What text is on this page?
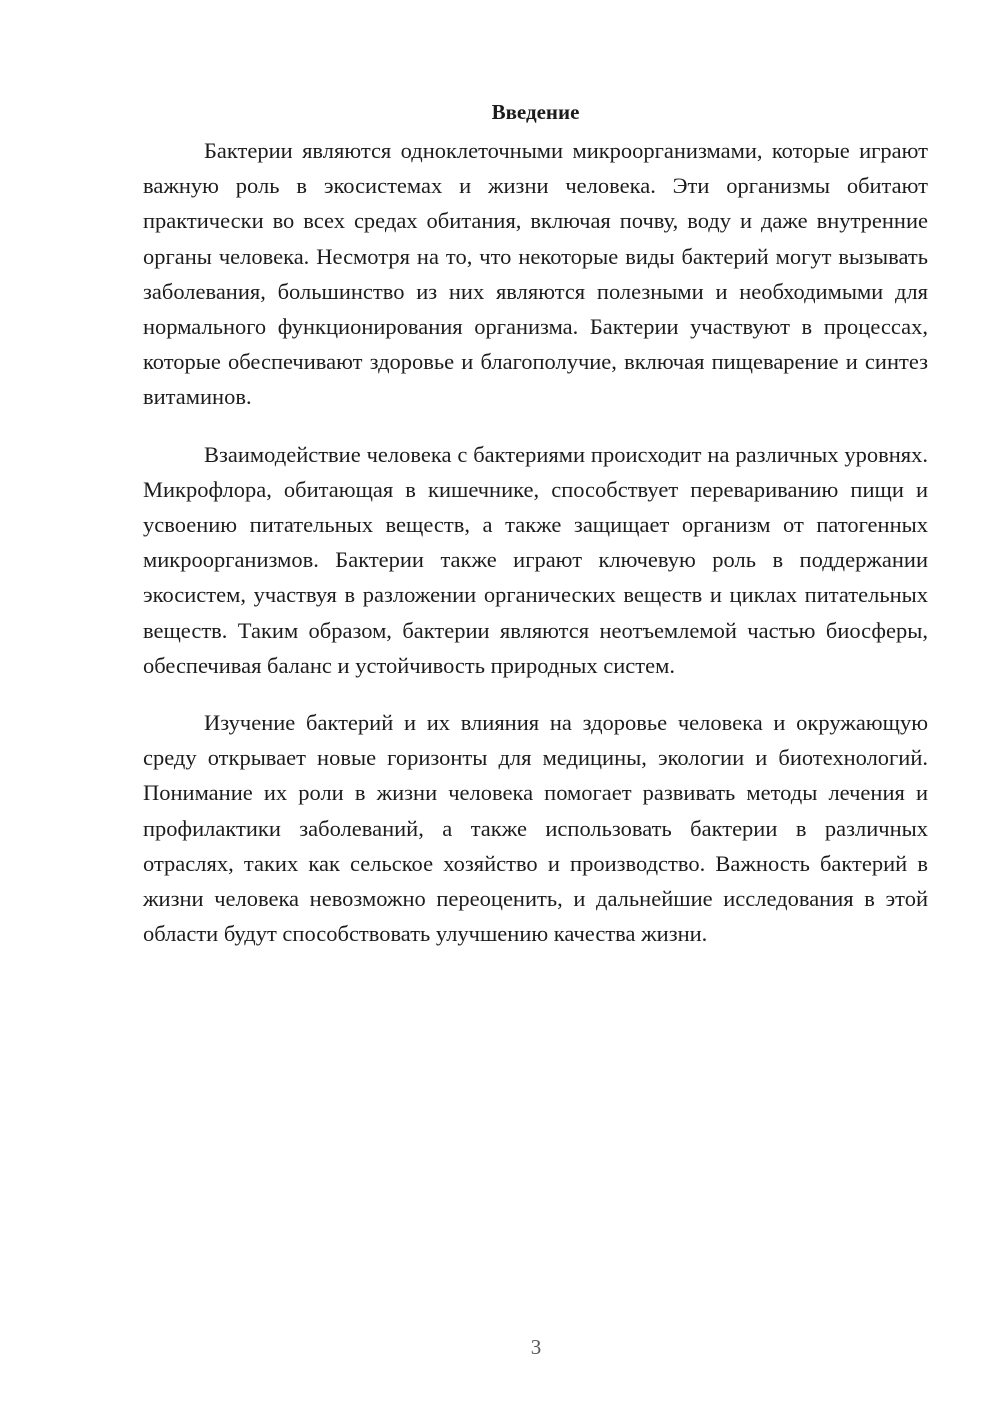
Введение

Бактерии являются одноклеточными микроорганизмами, которые играют важную роль в экосистемах и жизни человека. Эти организмы обитают практически во всех средах обитания, включая почву, воду и даже внутренние органы человека. Несмотря на то, что некоторые виды бактерий могут вызывать заболевания, большинство из них являются полезными и необходимыми для нормального функционирования организма. Бактерии участвуют в процессах, которые обеспечивают здоровье и благополучие, включая пищеварение и синтез витаминов.

Взаимодействие человека с бактериями происходит на различных уровнях. Микрофлора, обитающая в кишечнике, способствует перевариванию пищи и усвоению питательных веществ, а также защищает организм от патогенных микроорганизмов. Бактерии также играют ключевую роль в поддержании экосистем, участвуя в разложении органических веществ и циклах питательных веществ. Таким образом, бактерии являются неотъемлемой частью биосферы, обеспечивая баланс и устойчивость природных систем.

Изучение бактерий и их влияния на здоровье человека и окружающую среду открывает новые горизонты для медицины, экологии и биотехнологий. Понимание их роли в жизни человека помогает развивать методы лечения и профилактики заболеваний, а также использовать бактерии в различных отраслях, таких как сельское хозяйство и производство. Важность бактерий в жизни человека невозможно переоценить, и дальнейшие исследования в этой области будут способствовать улучшению качества жизни.

3
